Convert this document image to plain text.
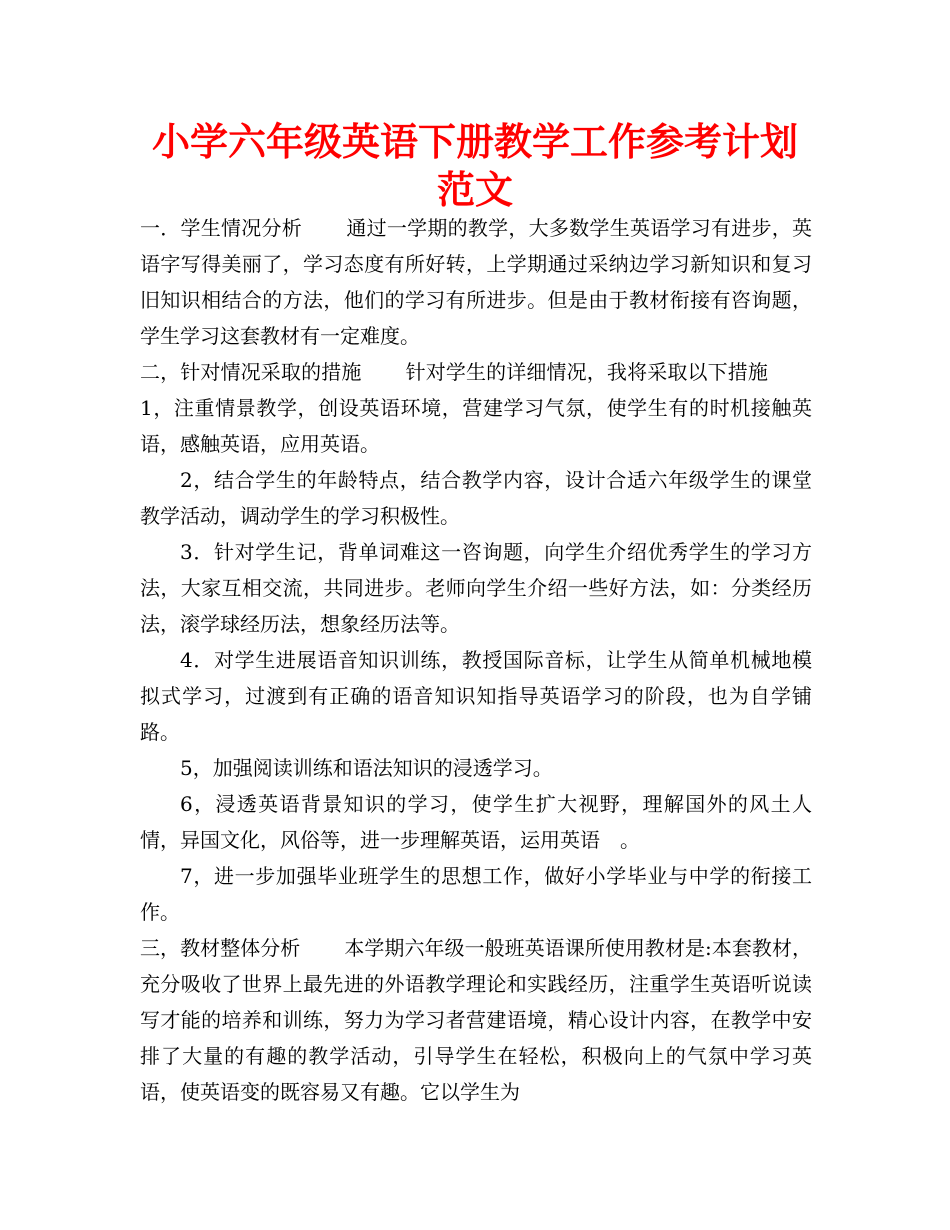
小学六年级英语下册教学工作参考计划范文

一．学生情况分析 通过一学期的教学，大多数学生英语学习有进步，英语字写得美丽了，学习态度有所好转，上学期通过采纳边学习新知识和复习旧知识相结合的方法，他们的学习有所进步。但是由于教材衔接有咨询题，学生学习这套教材有一定难度。

二，针对情况采取的措施 针对学生的详细情况，我将采取以下措施1，注重情景教学，创设英语环境，营建学习气氛，使学生有的时机接触英语，感触英语，应用英语。

2，结合学生的年龄特点，结合教学内容，设计合适六年级学生的课堂教学活动，调动学生的学习积极性。

3．针对学生记，背单词难这一咨询题，向学生介绍优秀学生的学习方法，大家互相交流，共同进步。老师向学生介绍一些好方法，如：分类经历法，滚学球经历法，想象经历法等。

4．对学生进展语音知识训练，教授国际音标，让学生从简单机械地模拟式学习，过渡到有正确的语音知识知指导英语学习的阶段，也为自学铺路。

5，加强阅读训练和语法知识的浸透学习。

6，浸透英语背景知识的学习，使学生扩大视野，理解国外的风土人情，异国文化，风俗等，进一步理解英语，运用英语　。

7，进一步加强毕业班学生的思想工作，做好小学毕业与中学的衔接工作。

三，教材整体分析 本学期六年级一般班英语课所使用教材是:本套教材，充分吸收了世界上最先进的外语教学理论和实践经历，注重学生英语听说读写才能的培养和训练，努力为学习者营建语境，精心设计内容，在教学中安排了大量的有趣的教学活动，引导学生在轻松，积极向上的气氛中学习英语，使英语变的既容易又有趣。它以学生为
